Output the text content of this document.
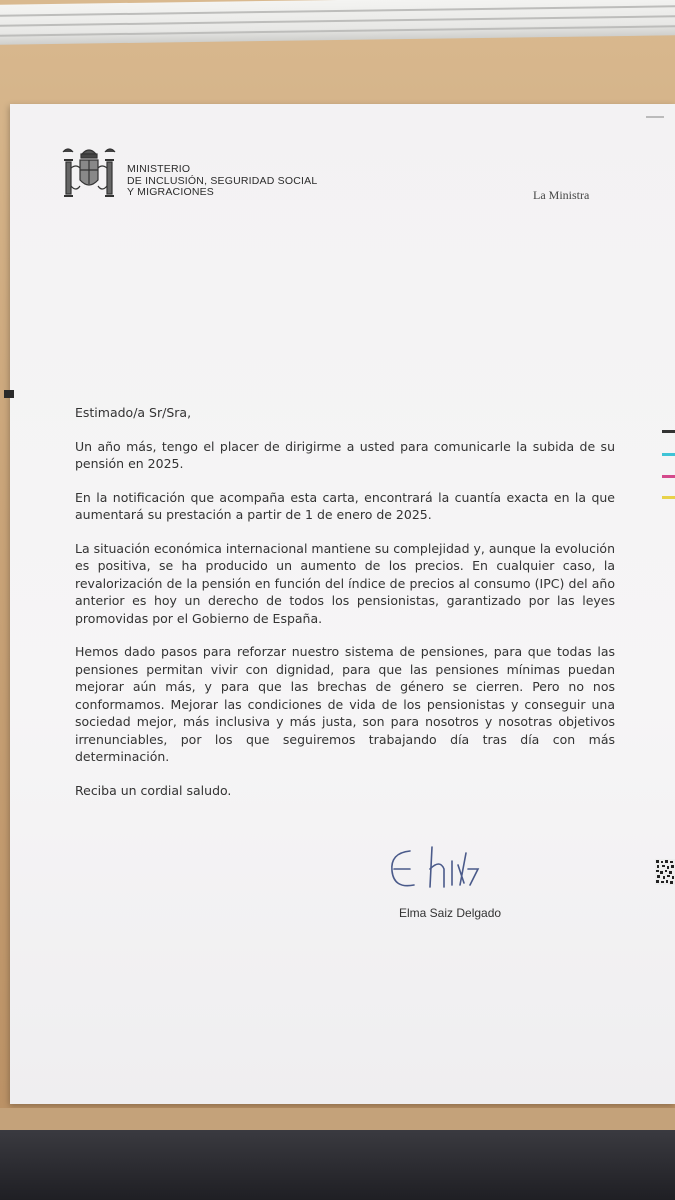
MINISTERIO
DE INCLUSIÓN, SEGURIDAD SOCIAL
Y MIGRACIONES	La Ministra

Estimado/a Sr/Sra,

Un año más, tengo el placer de dirigirme a usted para comunicarle la subida de su pensión en 2025.

En la notificación que acompaña esta carta, encontrará la cuantía exacta en la que aumentará su prestación a partir de 1 de enero de 2025.

La situación económica internacional mantiene su complejidad y, aunque la evolución es positiva, se ha producido un aumento de los precios. En cualquier caso, la revalorización de la pensión en función del índice de precios al consumo (IPC) del año anterior es hoy un derecho de todos los pensionistas, garantizado por las leyes promovidas por el Gobierno de España.

Hemos dado pasos para reforzar nuestro sistema de pensiones, para que todas las pensiones permitan vivir con dignidad, para que las pensiones mínimas puedan mejorar aún más, y para que las brechas de género se cierren. Pero no nos conformamos. Mejorar las condiciones de vida de los pensionistas y conseguir una sociedad mejor, más inclusiva y más justa, son para nosotros y nosotras objetivos irrenunciables, por los que seguiremos trabajando día tras día con más determinación.

Reciba un cordial saludo.

Elma Saiz Delgado
